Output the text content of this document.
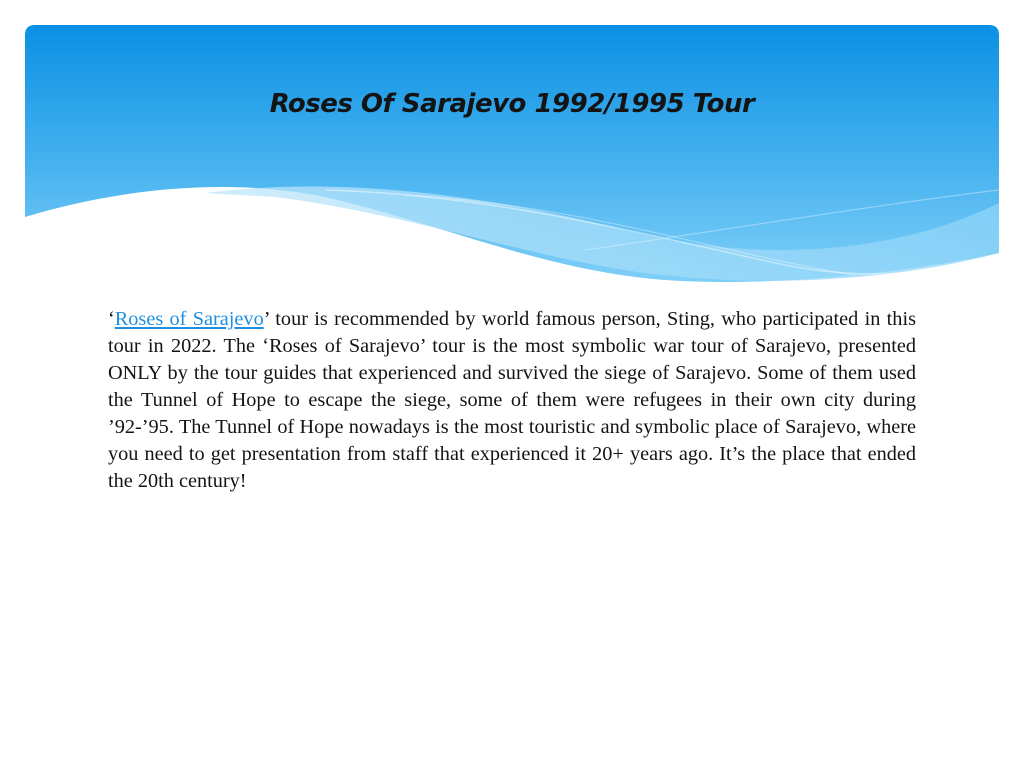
Roses Of Sarajevo 1992/1995 Tour

‘Roses of Sarajevo’ tour is recommended by world famous person, Sting, who participated in this tour in 2022. The ‘Roses of Sarajevo’ tour is the most symbolic war tour of Sarajevo, presented ONLY by the tour guides that experienced and survived the siege of Sarajevo. Some of them used the Tunnel of Hope to escape the siege, some of them were refugees in their own city during ’92-’95. The Tunnel of Hope nowadays is the most touristic and symbolic place of Sarajevo, where you need to get presentation from staff that experienced it 20+ years ago. It’s the place that ended the 20th century!
